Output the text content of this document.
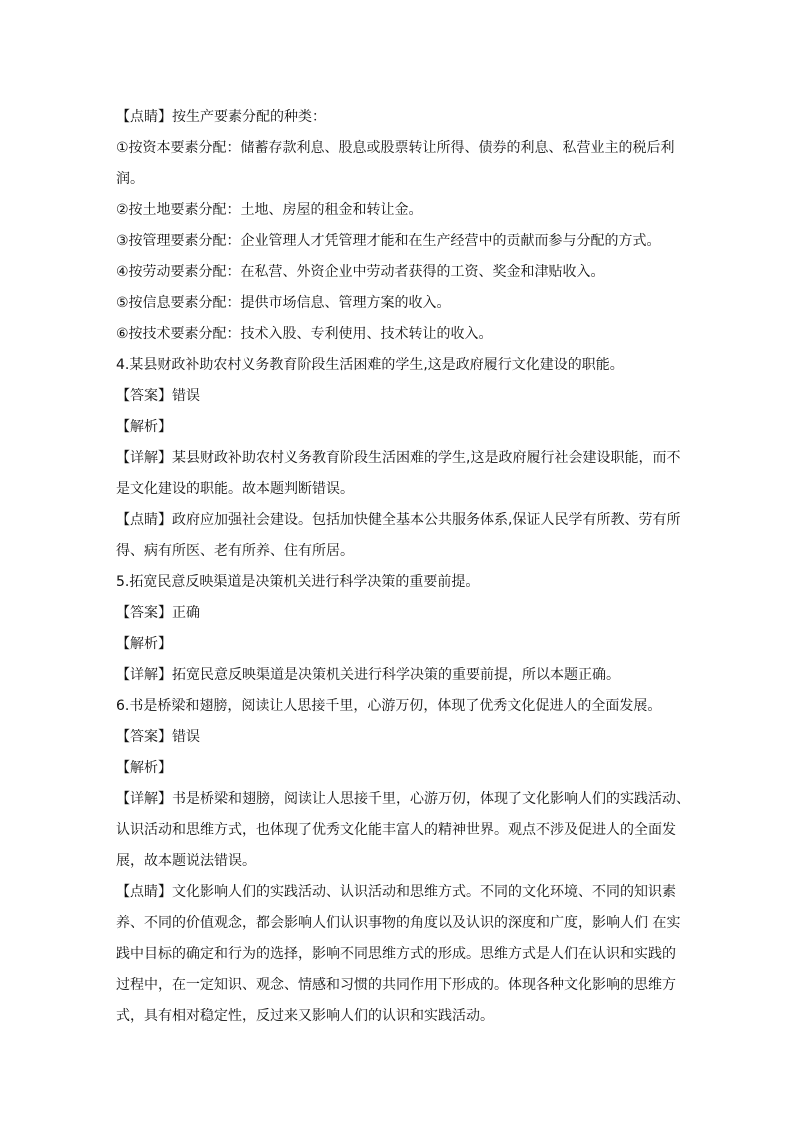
【点睛】按生产要素分配的种类：
①按资本要素分配：储蓄存款利息、股息或股票转让所得、债券的利息、私营业主的税后利
润。
②按土地要素分配：土地、房屋的租金和转让金。
③按管理要素分配：企业管理人才凭管理才能和在生产经营中的贡献而参与分配的方式。
④按劳动要素分配：在私营、外资企业中劳动者获得的工资、奖金和津贴收入。
⑤按信息要素分配：提供市场信息、管理方案的收入。
⑥按技术要素分配：技术入股、专利使用、技术转让的收入。
4.某县财政补助农村义务教育阶段生活困难的学生,这是政府履行文化建设的职能。
【答案】错误
【解析】
【详解】某县财政补助农村义务教育阶段生活困难的学生,这是政府履行社会建设职能，而不
是文化建设的职能。故本题判断错误。
【点睛】政府应加强社会建设。包括加快健全基本公共服务体系,保证人民学有所教、劳有所
得、病有所医、老有所养、住有所居。
5.拓宽民意反映渠道是决策机关进行科学决策的重要前提。
【答案】正确
【解析】
【详解】拓宽民意反映渠道是决策机关进行科学决策的重要前提，所以本题正确。
6.书是桥梁和翅膀，阅读让人思接千里，心游万仞，体现了优秀文化促进人的全面发展。
【答案】错误
【解析】
【详解】书是桥梁和翅膀，阅读让人思接千里，心游万仞，体现了文化影响人们的实践活动、
认识活动和思维方式，也体现了优秀文化能丰富人的精神世界。观点不涉及促进人的全面发
展，故本题说法错误。
【点睛】文化影响人们的实践活动、认识活动和思维方式。不同的文化环境、不同的知识素
养、不同的价值观念，都会影响人们认识事物的角度以及认识的深度和广度，影响人们 在实
践中目标的确定和行为的选择，影响不同思维方式的形成。思维方式是人们在认识和实践的
过程中，在一定知识、观念、情感和习惯的共同作用下形成的。体现各种文化影响的思维方
式，具有相对稳定性，反过来又影响人们的认识和实践活动。
